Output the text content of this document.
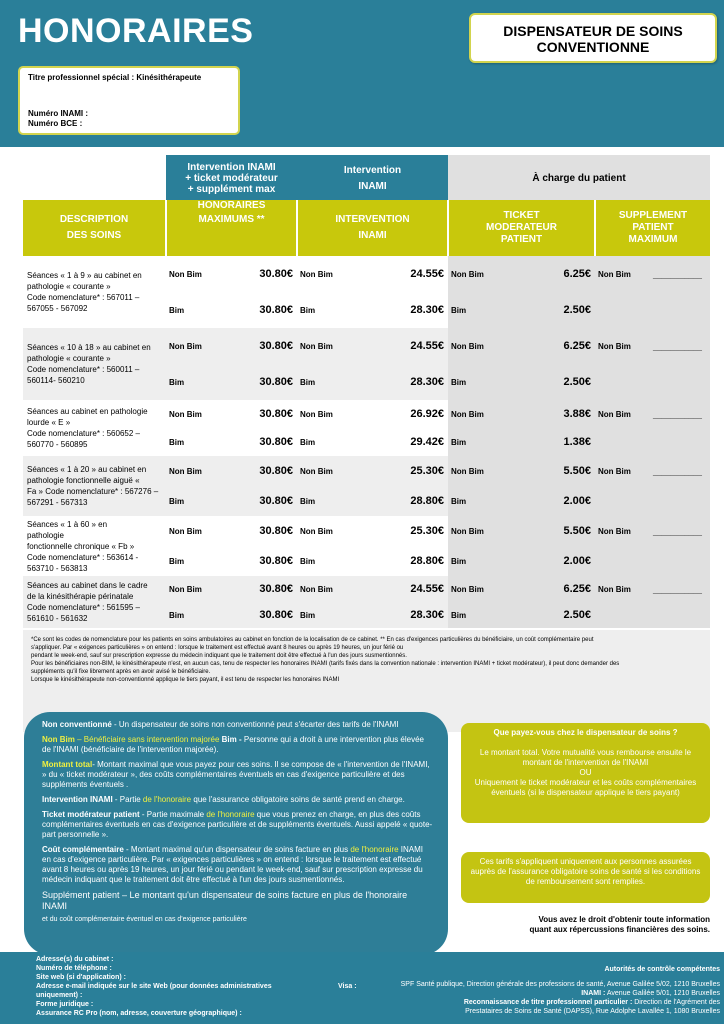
HONORAIRES	DISPENSATEUR DE SOINS
CONVENTIONNE
Titre professionnel spécial : Kinésithérapeute
Numéro INAMI :
Numéro BCE :
Intervention INAMI
+ ticket modérateur
+ supplément max

Intervention
INAMI
	À charge du patient
DESCRIPTION
DES SOINS

HONORAIRES
MAXIMUMS **	INTERVENTION
INAMI

TICKET
MODERATEUR
PATIENT

SUPPLEMENT
PATIENT
MAXIMUM
Séances « 1 à 9 » au cabinet en
pathologie « courante »
Code nomenclature* : 567011 –
567055 - 567092	Non Bim	30.80€	Non Bim	24.55€	Non Bim	6.25€	Non Bim	___________
	Bim	30.80€	Bim	28.30€	Bim	2.50€		

Séances « 10 à 18 » au cabinet en
pathologie « courante »
Code nomenclature* : 560011 –
560114- 560210	Non Bim	30.80€	Non Bim	24.55€	Non Bim	6.25€	Non Bim	___________
	Bim	30.80€	Bim	28.30€	Bim	2.50€		

Séances au cabinet en pathologie
lourde « E »
Code nomenclature* : 560652 –
560770 - 560895	Non Bim	30.80€	Non Bim	26.92€	Non Bim	3.88€	Non Bim	___________
	Bim	30.80€	Bim	29.42€	Bim	1.38€		

Séances « 1 à 20 » au cabinet en
pathologie fonctionnelle aiguë «
Fa » Code nomenclature* : 567276 –
567291 - 567313	Non Bim	30.80€	Non Bim	25.30€	Non Bim	5.50€	Non Bim	___________
	Bim	30.80€	Bim	28.80€	Bim	2.00€		

Séances « 1 à 60 » en
pathologie
fonctionnelle chronique « Fb »
Code nomenclature* : 563614 -
563710 - 563813	Non Bim	30.80€	Non Bim	25.30€	Non Bim	5.50€	Non Bim	___________
	Bim	30.80€	Bim	28.80€	Bim	2.00€		

Séances au cabinet dans le cadre
de la kinésithérapie périnatale
Code nomenclature* : 561595 –
561610 - 561632	Non Bim	30.80€	Non Bim	24.55€	Non Bim	6.25€	Non Bim	___________
	Bim	30.80€	Bim	28.30€	Bim	2.50€		
*Ce sont les codes de nomenclature pour les patients en soins ambulatoires au cabinet en fonction de la localisation de ce cabinet. ** En cas d'exigences particulières du bénéficiaire, un coût complémentaire peut
s'appliquer. Par « exigences particulières » on entend : lorsque le traitement est effectué avant 8 heures ou après 19 heures, un jour férié ou
pendant le week-end, sauf sur prescription expresse du médecin indiquant que le traitement doit être effectué à l'un des jours susmentionnés.
Pour les bénéficiaires non-BIM, le kinésithérapeute n'est, en aucun cas, tenu de respecter les honoraires INAMI (tarifs fixés dans la convention nationale : intervention INAMI + ticket modérateur), il peut donc demander des
suppléments qu'il fixe librement après en avoir avisé le bénéficiaire.
Lorsque le kinésithérapeute non-conventionné applique le tiers payant, il est tenu de respecter les honoraires INAMI

Non conventionné - Un dispensateur de soins non conventionné peut s'écarter des tarifs de l'INAMI

Non Bim – Bénéficiaire sans intervention majorée Bim - Personne qui a droit à une intervention plus élevée de l'INAMI (bénéficiaire de l'intervention majorée).

Montant total- Montant maximal que vous payez pour ces soins. Il se compose de « l'intervention de l'INAMI, » du « ticket modérateur », des coûts complémentaires éventuels en cas d'exigence particulière et des suppléments éventuels .

Intervention INAMI - Partie de l'honoraire que l'assurance obligatoire soins de santé prend en charge.

Ticket modérateur patient - Partie maximale de l'honoraire que vous prenez en charge, en plus des coûts complémentaires éventuels en cas d'exigence particulière et de suppléments éventuels. Aussi appelé « quote-part personnelle ».

Coût complémentaire - Montant maximal qu'un dispensateur de soins facture en plus de l'honoraire INAMI en cas d'exigence particulière. Par « exigences particulières » on entend : lorsque le traitement est effectué avant 8 heures ou après 19 heures, un jour férié ou pendant le week-end, sauf sur prescription expresse du médecin indiquant que le traitement doit être effectué à l'un des jours susmentionnés.

Supplément patient – Le montant qu'un dispensateur de soins facture en plus de l'honoraire INAMI

et du coût complémentaire éventuel en cas d'exigence particulière

Que payez-vous chez le dispensateur de soins ?
Le montant total. Votre mutualité vous rembourse ensuite le montant de l'intervention de l'INAMI
OU
Uniquement le ticket modérateur et les coûts complémentaires éventuels (si le dispensateur applique le tiers payant)
Ces tarifs s'appliquent uniquement aux personnes assurées auprès de l'assurance obligatoire soins de santé si les conditions de remboursement sont remplies.
Vous avez le droit d'obtenir toute information
quant aux répercussions financières des soins.
Adresse(s) du cabinet :
Numéro de téléphone :
Site web (si d'application) :
Adresse e-mail indiquée sur le site Web (pour données administratives
uniquement) :
Forme juridique :
Assurance RC Pro (nom, adresse, couverture géographique) :
Visa :
Autorités de contrôle compétentes
SPF Santé publique, Direction générale des professions de santé, Avenue Galilée 5/02, 1210 Bruxelles
INAMI : Avenue Galilée 5/01, 1210 Bruxelles
Reconnaissance de titre professionnel particulier : Direction de l'Agrément des
Prestataires de Soins de Santé (DAPSS), Rue Adolphe Lavallée 1, 1080 Bruxelles
